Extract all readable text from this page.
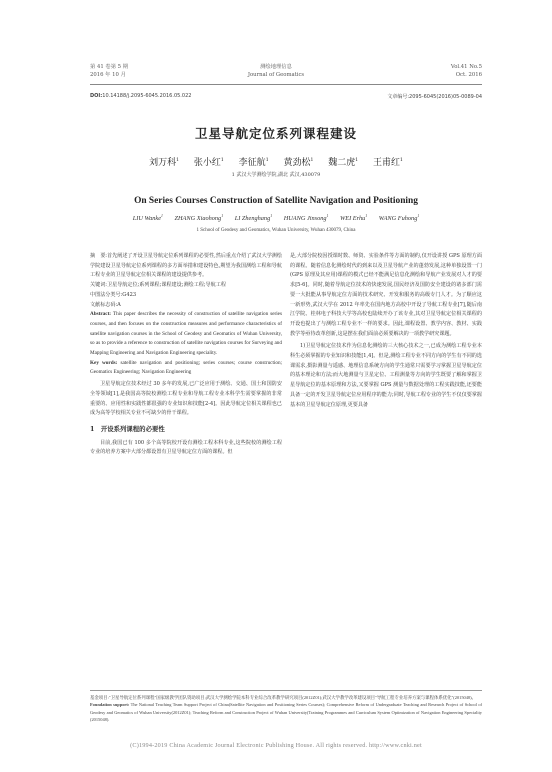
第 41 卷第 5 期
2016 年 10 月
测绘地理信息
Journal of Geomatics
Vol.41 No.5
Oct. 2016
DOI:10.14188/j.2095-6045.2016.05.022	文章编号:2095-6045(2016)05-0089-04
卫星导航定位系列课程建设
刘万科$^1$ 张小红$^1$ 李征航$^1$ 黄劲松$^1$ 魏二虎$^1$ 王甫红$^1$
1 武汉大学测绘学院,湖北 武汉,430079
On Series Courses Construction of Satellite Navigation and Positioning
LIU Wanke$^1$ ZHANG Xiaohong$^1$ LI Zhenghang$^1$ HUANG Jinsong$^1$ WEI Erhu$^1$ WANG Fuhong$^1$
1 School of Geodesy and Geomatics, Wuhan University, Wuhan 430079, China

摘　要:首先阐述了开设卫星导航定位系列课程的必要性,然后重点介绍了武汉大学测绘学院建设卫星导航定位系列课程的多方面举措和建设特色,期望为我国测绘工程和导航工程专业的卫星导航定位相关课程的建设提供参考。

关键词:卫星导航定位;系列课程;课程建设;测绘工程;导航工程

中图法分类号:G423

文献标志码:A

Abstract: This paper describes the necessity of construction of satellite navigation series courses, and then focuses on the construction measures and performance characteristics of satellite navigation courses in the School of Geodesy and Geomatics of Wuhan University, so as to provide a reference to construction of satellite navigation courses for Surveying and Mapping Engineering and Navigation Engineering speciality.

Key words: satellite navigation and positioning; series courses; course construction; Geomatics Engineering; Navigation Engineering

卫星导航定位技术经过 30 多年的发展,已广泛应用于测绘、交通、国土和国防安全等领域[1],是我国高等院校测绘工程专业和导航工程专业本科学生需要掌握的非常重要的、应用性和实践性都很强的专业知识和技能[2-4]。因此导航定位相关课程也已成为高等学校相关专业不可缺少的骨干课程。

1　开设系列课程的必要性

目前,我国已有 100 多个高等院校开设有测绘工程本科专业,这些院校的测绘工程专业的培养方案中大部分都设置有卫星导航定位方面的课程。但

是,大部分院校因授课时数、师资、实验条件等方面的制约,仅开设讲授 GPS 原理方面的课程。随着信息化测绘时代的到来以及卫星导航产业的蓬勃发展,这种单独设置一门(GPS 原理及其应用)课程的模式已经不能满足信息化测绘和导航产业发展对人才的要求[5-6]。同时,随着导航定位技术的快速发展,国民经济及国防安全建设的诸多部门需要一大批能从事导航定位方面的技术研究、开发和服务的高级专门人才。为了顺应这一新形势,武汉大学在 2012 年率先在国内地方高校中开设了导航工程专业[7],随后南江学院、桂林电子科技大学等高校也陆续开办了该专业,其对卫星导航定位相关课程的开设也提出了与测绘工程专业不一样的要求。因此,课程设置、教学内容、教材、实践教学等亟待改革创新,这是摆在我们面前必须要解决的一项教学研究课题。

1)卫星导航定位技术作为信息化测绘的三大核心技术之一,已成为测绘工程专业本科生必须掌握的专业知识和技能[1,4]。但是,测绘工程专业不同方向的学生有不同的选课需求,摄影测量与遥感、地理信息系统方向的学生通常只需要学习掌握卫星导航定位的基本理论和方法;而大地测量与卫星定位、工程测量等方向的学生既要了解和掌握卫星导航定位的基本原理和方法,又要掌握 GPS 测量与数据处理的工程实践技能,还要能具备一定的开发卫星导航定位应用程序的能力;同时,导航工程专业的学生不仅仅要掌握基本的卫星导航定位原理,更要具备

基金项目:"卫星导航定位系列课程"国家级教学团队资助项目;武汉大学测绘学院本科专业综合改革教学研究项目(2012Z01);武汉大学教学改革建设项目"导航工程专业培养方案与课程体系优化"(2015048)。

Foundation support: The National Teaching Team Support Project of China(Satellite Navigation and Positioning Series Courses); Comprehensive Reform of Undergraduate Teaching and Research Project of School of Geodesy and Geomatics of Wuhan University(2012Z01); Teaching Reform and Construction Project of Wuhan University(Training Programmes and Curriculum System Optimization of Navigation Engineering Speciality (2015048).

(C)1994-2019 China Academic Journal Electronic Publishing House. All rights reserved. http://www.cnki.net
